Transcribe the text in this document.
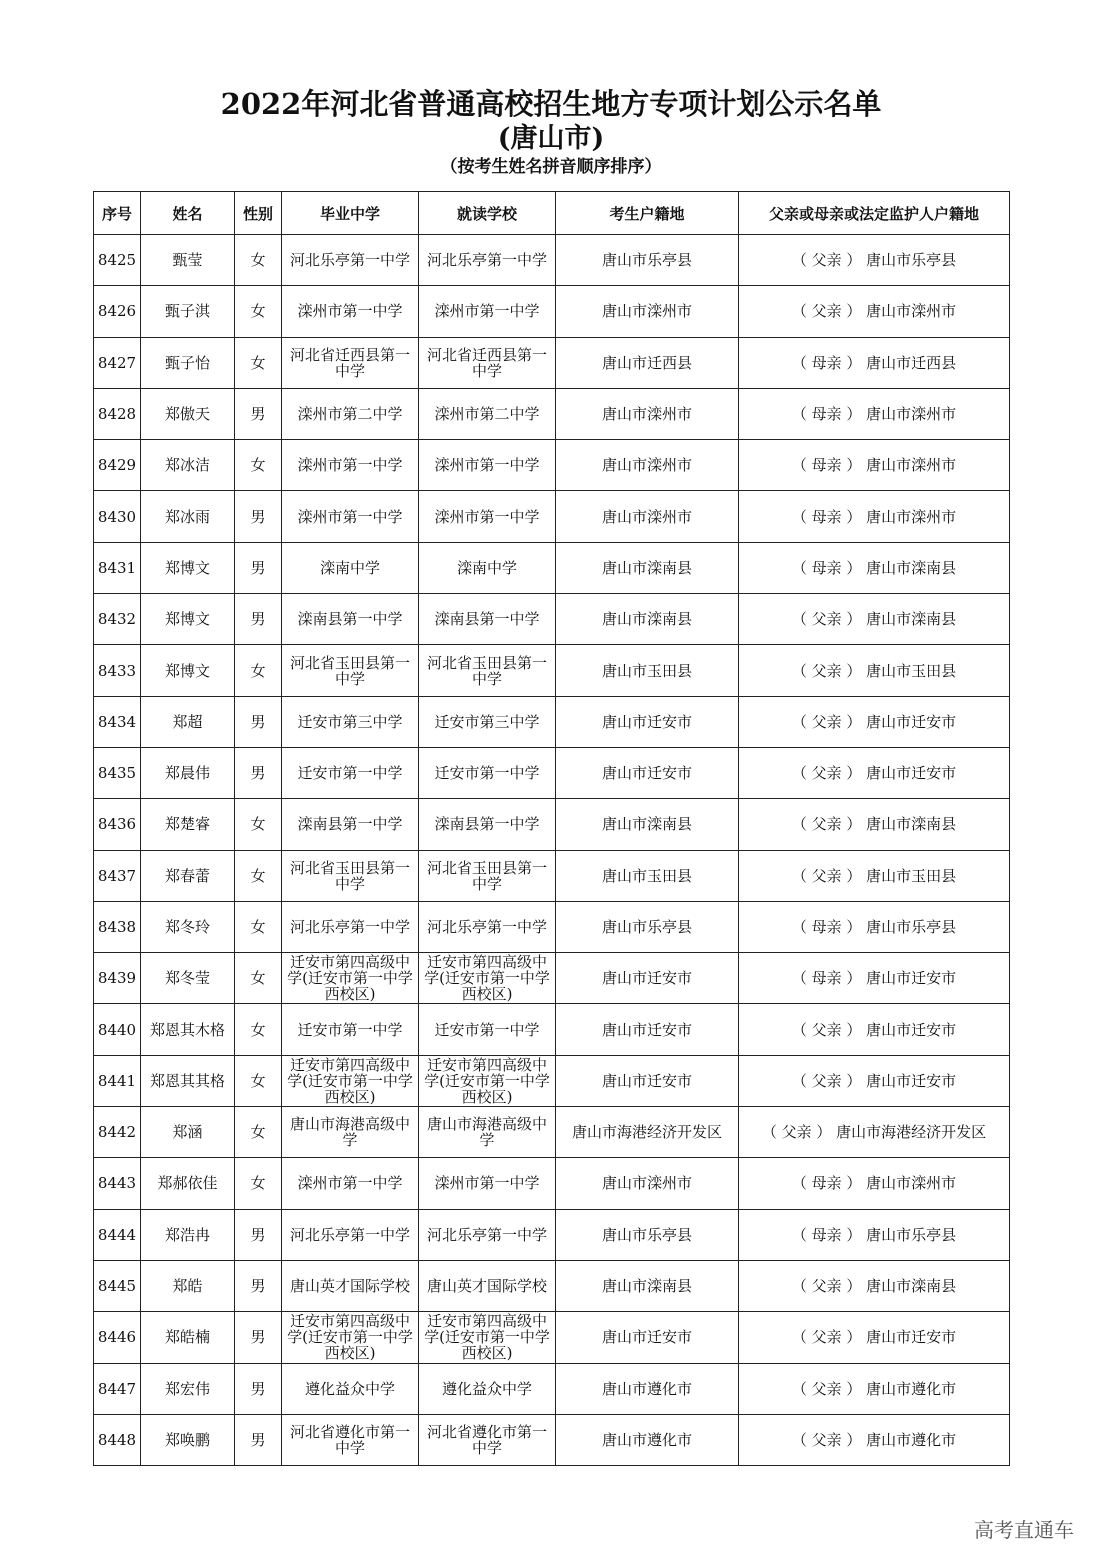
2022年河北省普通高校招生地方专项计划公示名单
(唐山市)
（按考生姓名拼音顺序排序）
序号	姓名	性别	毕业中学	就读学校	考生户籍地	父亲或母亲或法定监护人户籍地
8425	甄莹	女	河北乐亭第一中学	河北乐亭第一中学	唐山市乐亭县	（ 父亲 ） 唐山市乐亭县
8426	甄子淇	女	滦州市第一中学	滦州市第一中学	唐山市滦州市	（ 父亲 ） 唐山市滦州市
8427	甄子怡	女	河北省迁西县第一中学	河北省迁西县第一中学	唐山市迁西县	（ 母亲 ） 唐山市迁西县
8428	郑傲天	男	滦州市第二中学	滦州市第二中学	唐山市滦州市	（ 母亲 ） 唐山市滦州市
8429	郑冰洁	女	滦州市第一中学	滦州市第一中学	唐山市滦州市	（ 母亲 ） 唐山市滦州市
8430	郑冰雨	男	滦州市第一中学	滦州市第一中学	唐山市滦州市	（ 母亲 ） 唐山市滦州市
8431	郑博文	男	滦南中学	滦南中学	唐山市滦南县	（ 母亲 ） 唐山市滦南县
8432	郑博文	男	滦南县第一中学	滦南县第一中学	唐山市滦南县	（ 父亲 ） 唐山市滦南县
8433	郑博文	女	河北省玉田县第一中学	河北省玉田县第一中学	唐山市玉田县	（ 父亲 ） 唐山市玉田县
8434	郑超	男	迁安市第三中学	迁安市第三中学	唐山市迁安市	（ 父亲 ） 唐山市迁安市
8435	郑晨伟	男	迁安市第一中学	迁安市第一中学	唐山市迁安市	（ 父亲 ） 唐山市迁安市
8436	郑楚睿	女	滦南县第一中学	滦南县第一中学	唐山市滦南县	（ 父亲 ） 唐山市滦南县
8437	郑春蕾	女	河北省玉田县第一中学	河北省玉田县第一中学	唐山市玉田县	（ 父亲 ） 唐山市玉田县
8438	郑冬玲	女	河北乐亭第一中学	河北乐亭第一中学	唐山市乐亭县	（ 母亲 ） 唐山市乐亭县
8439	郑冬莹	女	迁安市第四高级中学(迁安市第一中学西校区)	迁安市第四高级中学(迁安市第一中学西校区)	唐山市迁安市	（ 母亲 ） 唐山市迁安市
8440	郑恩其木格	女	迁安市第一中学	迁安市第一中学	唐山市迁安市	（ 父亲 ） 唐山市迁安市
8441	郑恩其其格	女	迁安市第四高级中学(迁安市第一中学西校区)	迁安市第四高级中学(迁安市第一中学西校区)	唐山市迁安市	（ 父亲 ） 唐山市迁安市
8442	郑涵	女	唐山市海港高级中学	唐山市海港高级中学	唐山市海港经济开发区	（ 父亲 ） 唐山市海港经济开发区
8443	郑郝依佳	女	滦州市第一中学	滦州市第一中学	唐山市滦州市	（ 母亲 ） 唐山市滦州市
8444	郑浩冉	男	河北乐亭第一中学	河北乐亭第一中学	唐山市乐亭县	（ 母亲 ） 唐山市乐亭县
8445	郑皓	男	唐山英才国际学校	唐山英才国际学校	唐山市滦南县	（ 父亲 ） 唐山市滦南县
8446	郑皓楠	男	迁安市第四高级中学(迁安市第一中学西校区)	迁安市第四高级中学(迁安市第一中学西校区)	唐山市迁安市	（ 父亲 ） 唐山市迁安市
8447	郑宏伟	男	遵化益众中学	遵化益众中学	唐山市遵化市	（ 父亲 ） 唐山市遵化市
8448	郑唤鹏	男	河北省遵化市第一中学	河北省遵化市第一中学	唐山市遵化市	（ 父亲 ） 唐山市遵化市
高考直通车
